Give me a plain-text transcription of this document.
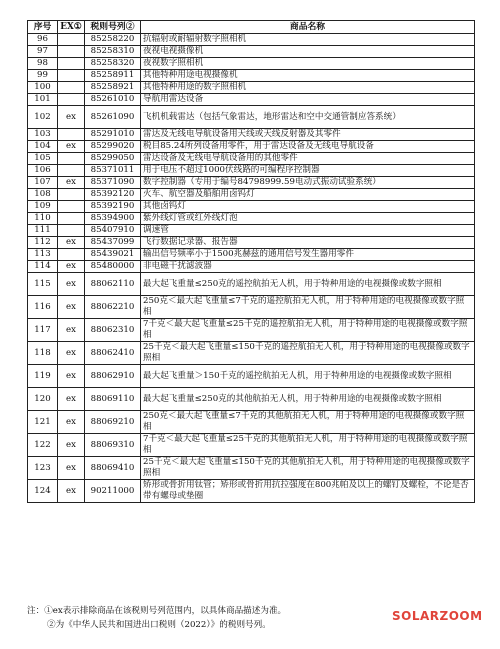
序号	EX①	税则号列②	商品名称
96		85258220	抗辐射或耐辐射数字照相机
97		85258310	夜视电视摄像机
98		85258320	夜视数字照相机
99		85258911	其他特种用途电视摄像机
100		85258921	其他特种用途的数字照相机
101		85261010	导航用雷达设备
102	ex	85261090	飞机机载雷达（包括气象雷达，地形雷达和空中交通管制应答系统）
103		85291010	雷达及无线电导航设备用天线或天线反射器及其零件
104	ex	85299020	税目85.24所列设备用零件，用于雷达设备及无线电导航设备
105		85299050	雷达设备及无线电导航设备用的其他零件
106		85371011	用于电压不超过1000伏线路的可编程序控制器
107	ex	85371090	数字控制器（专用于编号84798999.59电动式振动试验系统）
108		85392120	火车、航空器及船舶用卤钨灯
109		85392190	其他卤钨灯
110		85394900	紫外线灯管或红外线灯泡
111		85407910	调速管
112	ex	85437099	飞行数据记录器、报告器
113		85439021	输出信号频率小于1500兆赫兹的通用信号发生器用零件
114	ex	85480000	非电磁干扰滤波器
115	ex	88062110	最大起飞重量≤250克的遥控航拍无人机，用于特种用途的电视摄像或数字照相
116	ex	88062210	250克＜最大起飞重量≤7千克的遥控航拍无人机，用于特种用途的电视摄像或数字照相
117	ex	88062310	7千克＜最大起飞重量≤25千克的遥控航拍无人机，用于特种用途的电视摄像或数字照相
118	ex	88062410	25千克＜最大起飞重量≤150千克的遥控航拍无人机，用于特种用途的电视摄像或数字照相
119	ex	88062910	最大起飞重量＞150千克的遥控航拍无人机，用于特种用途的电视摄像或数字照相
120	ex	88069110	最大起飞重量≤250克的其他航拍无人机，用于特种用途的电视摄像或数字照相
121	ex	88069210	250克＜最大起飞重量≤7千克的其他航拍无人机，用于特种用途的电视摄像或数字照相
122	ex	88069310	7千克＜最大起飞重量≤25千克的其他航拍无人机，用于特种用途的电视摄像或数字照相
123	ex	88069410	25千克＜最大起飞重量≤150千克的其他航拍无人机，用于特种用途的电视摄像或数字照相
124	ex	90211000	矫形或骨折用钛管；矫形或骨折用抗拉强度在800兆帕及以上的螺钉及螺栓，不论是否带有螺母或垫圈
注：①ex表示排除商品在该税则号列范围内，以具体商品描述为准。
②为《中华人民共和国进出口税则（2022）》的税则号列。
SOLARZOOM
